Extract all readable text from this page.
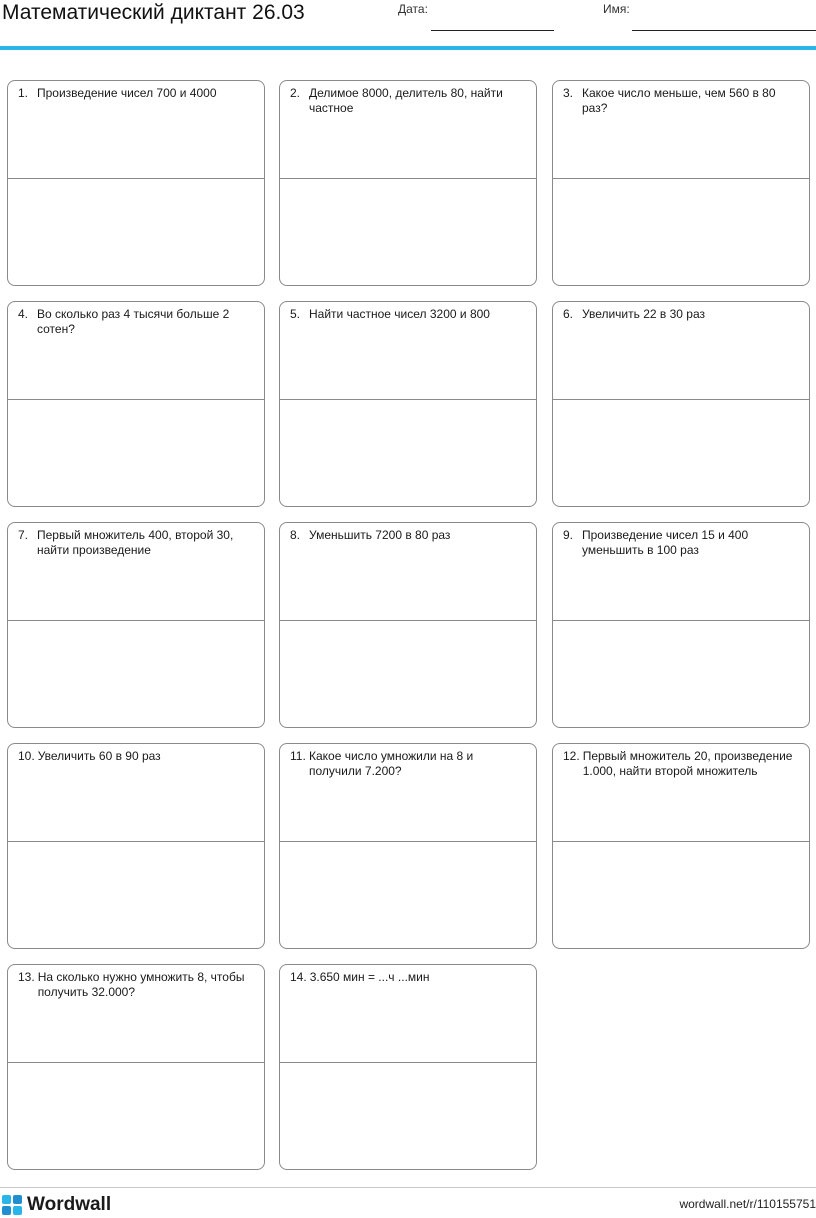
Математический диктант 26.03	Дата:	Имя:
1. Произведение чисел 700 и 4000	2. Делимое 8000, делитель 80, найти частное
3. Какое число меньше, чем 560 в 80 раз?
4. Во сколько раз 4 тысячи больше 2 сотен?
5. Найти частное чисел 3200 и 800	6. Увеличить 22 в 30 раз
7. Первый множитель 400, второй 30, найти произведение
8. Уменьшить 7200 в 80 раз	9. Произведение чисел 15 и 400 уменьшить в 100 раз
10. Увеличить 60 в 90 раз	11. Какое число умножили на 8 и получили 7.200?
12. Первый множитель 20, произведение 1.000, найти второй множитель
13. На сколько нужно умножить 8, чтобы получить 32.000?
14. 3.650 мин = ...ч ...мин
Wordwall	wordwall.net/r/110155751
